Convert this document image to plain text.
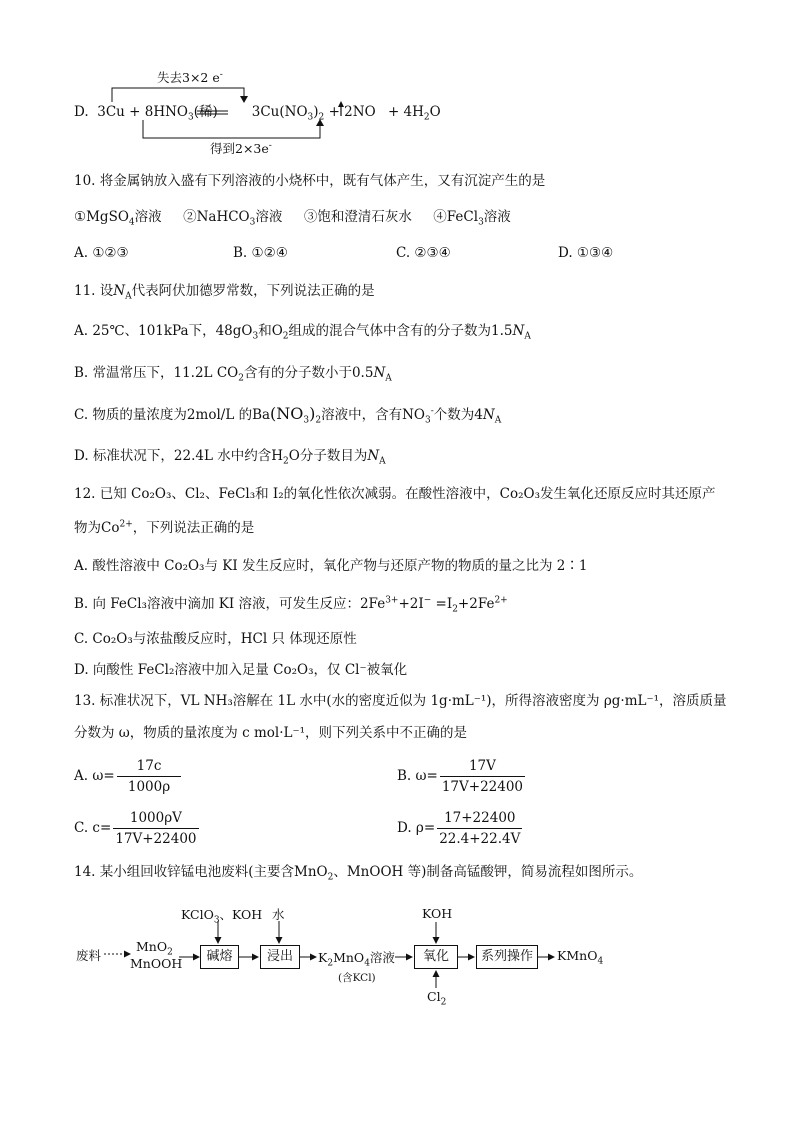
失去3×2 e-
D. $3Cu + 8HNO_3$(稀)	$3Cu(NO_3)_2 + 2NO + 4H_2O$
得到2×3e-
10. 将金属钠放入盛有下列溶液的小烧杯中，既有气体产生，又有沉淀产生的是
①MgSO$_4$溶液 ②NaHCO$_3$溶液 ③饱和澄清石灰水 ④FeCl$_3$溶液
A. ①②③	B. ①②④	C. ②③④	D. ①③④
11. 设$N_A$代表阿伏加德罗常数，下列说法正确的是
A. 25℃、101kPa下，$48gO_3$和$O_2$组成的混合气体中含有的分子数为$1.5N_A$
B. 常温常压下，11.2L $CO_2$含有的分子数小于$0.5N_A$
C. 物质的量浓度为2mol/L 的$Ba(NO_3)_2$溶液中，含有$NO_3^-$个数为$4N_A$
D. 标准状况下，22.4L 水中约含$H_2O$分子数目为$N_A$
12. 已知 Co₂O₃、Cl₂、FeCl₃和 I₂的氧化性依次减弱。在酸性溶液中，Co₂O₃发生氧化还原反应时其还原产
物为$Co^{2+}$，下列说法正确的是
A. 酸性溶液中 Co₂O₃与 KI 发生反应时，氧化产物与还原产物的物质的量之比为 2∶1
B. 向 FeCl₃溶液中滴加 KI 溶液，可发生反应：$2Fe^{3+}+2I^- =I_2+2Fe^{2+}$
C. Co₂O₃与浓盐酸反应时，HCl 只 体现还原性
D. 向酸性 FeCl₂溶液中加入足量 Co₂O₃，仅 Cl⁻被氧化
13. 标准状况下，VL NH₃溶解在 1L 水中(水的密度近似为 1g·mL⁻¹)，所得溶液密度为 ρg·mL⁻¹，溶质质量
分数为 ω，物质的量浓度为 c mol·L⁻¹，则下列关系中不正确的是
A. $\omega= \frac{17c}{1000\rho}$	B. $\omega= \frac{17V}{17V+22400}$
C. $c= \frac{1000\rho V}{17V+22400}$	D. $\rho= \frac{17+22400}{22.4+22.4V}$
14. 某小组回收锌锰电池废料(主要含MnO$_2$、MnOOH 等)制备高锰酸钾，简易流程如图所示。
废料
MnO$_2$
MnOOH
KClO$_3$、KOH 水
碱熔	浸出	$K_2MnO_4$溶液
(含KCl)
KOH
氧化
$Cl_2$
系列操作	KMnO$_4$
